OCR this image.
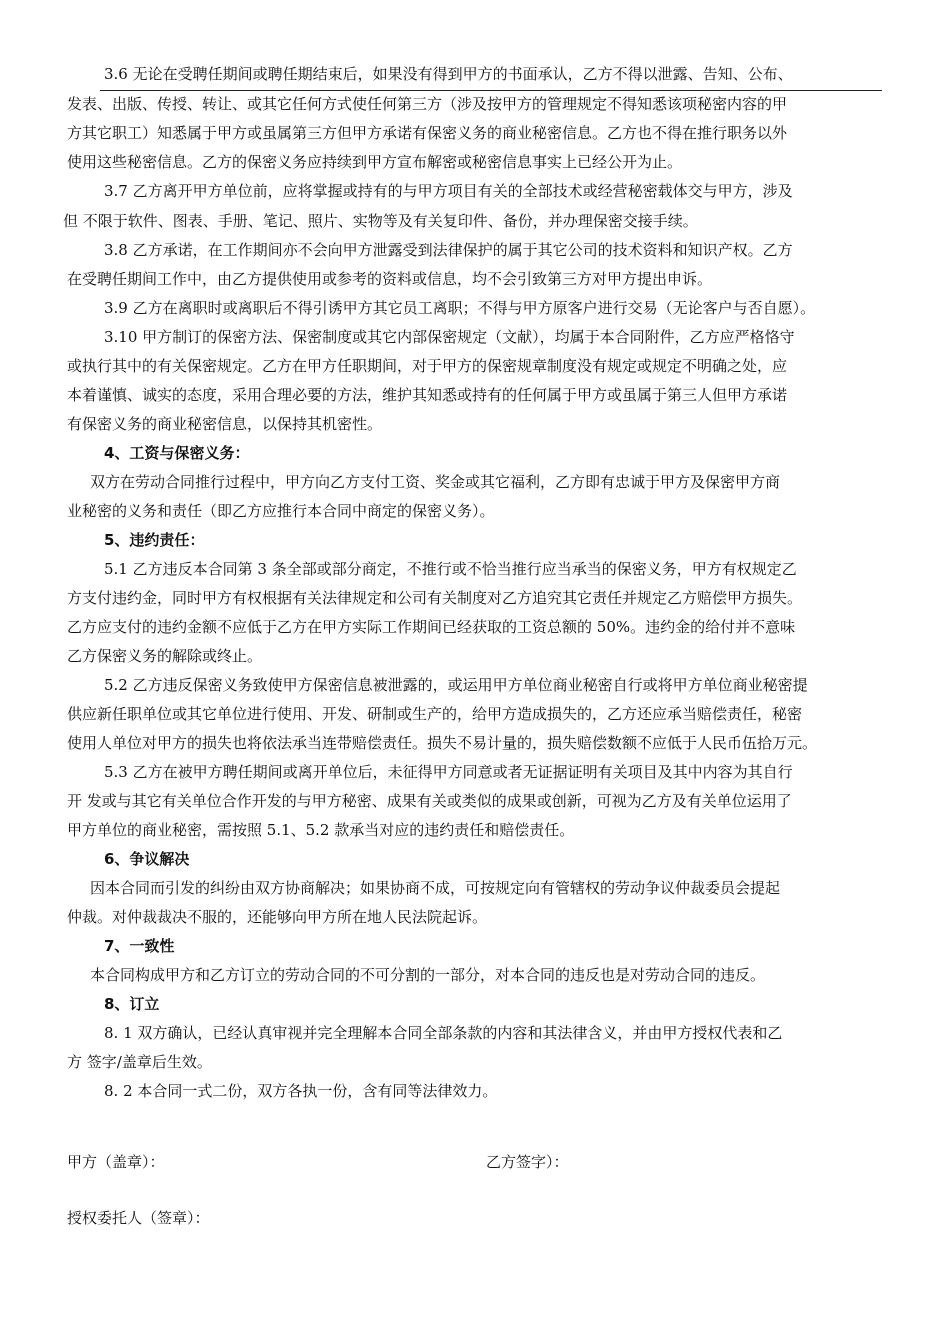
3.6 无论在受聘任期间或聘任期结束后，如果没有得到甲方的书面承认，乙方不得以泄露、告知、公布、
发表、出版、传授、转让、或其它任何方式使任何第三方（涉及按甲方的管理规定不得知悉该项秘密内容的甲
方其它职工）知悉属于甲方或虽属第三方但甲方承诺有保密义务的商业秘密信息。乙方也不得在推行职务以外
使用这些秘密信息。乙方的保密义务应持续到甲方宣布解密或秘密信息事实上已经公开为止。
3.7 乙方离开甲方单位前，应将掌握或持有的与甲方项目有关的全部技术或经营秘密载体交与甲方，涉及
但 不限于软件、图表、手册、笔记、照片、实物等及有关复印件、备份，并办理保密交接手续。
3.8 乙方承诺，在工作期间亦不会向甲方泄露受到法律保护的属于其它公司的技术资料和知识产权。乙方
在受聘任期间工作中，由乙方提供使用或参考的资料或信息，均不会引致第三方对甲方提出申诉。
3.9 乙方在离职时或离职后不得引诱甲方其它员工离职；不得与甲方原客户进行交易（无论客户与否自愿）。
3.10 甲方制订的保密方法、保密制度或其它内部保密规定（文献），均属于本合同附件，乙方应严格恪守
或执行其中的有关保密规定。乙方在甲方任职期间，对于甲方的保密规章制度没有规定或规定不明确之处，应
本着谨慎、诚实的态度，采用合理必要的方法，维护其知悉或持有的任何属于甲方或虽属于第三人但甲方承诺
有保密义务的商业秘密信息，以保持其机密性。
4、工资与保密义务：
双方在劳动合同推行过程中，甲方向乙方支付工资、奖金或其它福利，乙方即有忠诚于甲方及保密甲方商
业秘密的义务和责任（即乙方应推行本合同中商定的保密义务）。
5、违约责任：
5.1 乙方违反本合同第 3 条全部或部分商定，不推行或不恰当推行应当承当的保密义务，甲方有权规定乙
方支付违约金，同时甲方有权根据有关法律规定和公司有关制度对乙方追究其它责任并规定乙方赔偿甲方损失。
乙方应支付的违约金额不应低于乙方在甲方实际工作期间已经获取的工资总额的 50%。违约金的给付并不意味
乙方保密义务的解除或终止。
5.2 乙方违反保密义务致使甲方保密信息被泄露的，或运用甲方单位商业秘密自行或将甲方单位商业秘密提
供应新任职单位或其它单位进行使用、开发、研制或生产的，给甲方造成损失的，乙方还应承当赔偿责任，秘密
使用人单位对甲方的损失也将依法承当连带赔偿责任。损失不易计量的，损失赔偿数额不应低于人民币伍拾万元。
5.3 乙方在被甲方聘任期间或离开单位后，未征得甲方同意或者无证据证明有关项目及其中内容为其自行
开 发或与其它有关单位合作开发的与甲方秘密、成果有关或类似的成果或创新，可视为乙方及有关单位运用了
甲方单位的商业秘密，需按照 5.1、5.2 款承当对应的违约责任和赔偿责任。
6、争议解决
因本合同而引发的纠纷由双方协商解决；如果协商不成，可按规定向有管辖权的劳动争议仲裁委员会提起
仲裁。对仲裁裁决不服的，还能够向甲方所在地人民法院起诉。
7、一致性
本合同构成甲方和乙方订立的劳动合同的不可分割的一部分，对本合同的违反也是对劳动合同的违反。
8、订立
8. 1 双方确认，已经认真审视并完全理解本合同全部条款的内容和其法律含义，并由甲方授权代表和乙
方 签字/盖章后生效。
8. 2 本合同一式二份，双方各执一份，含有同等法律效力。
甲方（盖章）：	乙方签字）：
授权委托人（签章）：
